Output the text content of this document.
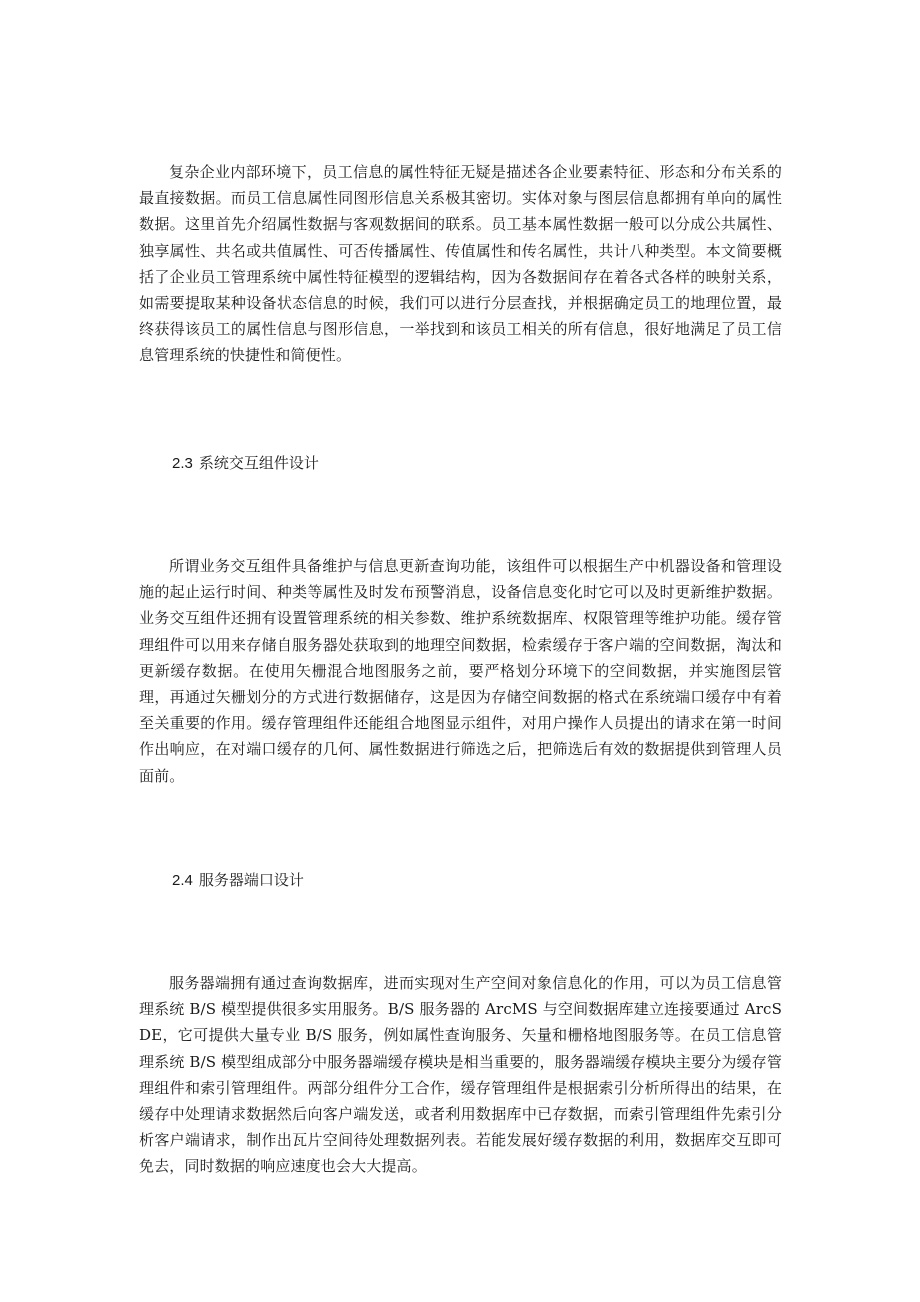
复杂企业内部环境下，员工信息的属性特征无疑是描述各企业要素特征、形态和分布关系的最直接数据。而员工信息属性同图形信息关系极其密切。实体对象与图层信息都拥有单向的属性数据。这里首先介绍属性数据与客观数据间的联系。员工基本属性数据一般可以分成公共属性、独享属性、共名或共值属性、可否传播属性、传值属性和传名属性，共计八种类型。本文简要概括了企业员工管理系统中属性特征模型的逻辑结构，因为各数据间存在着各式各样的映射关系，如需要提取某种设备状态信息的时候，我们可以进行分层查找，并根据确定员工的地理位置，最终获得该员工的属性信息与图形信息，一举找到和该员工相关的所有信息，很好地满足了员工信息管理系统的快捷性和简便性。

2.3 系统交互组件设计

所谓业务交互组件具备维护与信息更新查询功能，该组件可以根据生产中机器设备和管理设施的起止运行时间、种类等属性及时发布预警消息，设备信息变化时它可以及时更新维护数据。业务交互组件还拥有设置管理系统的相关参数、维护系统数据库、权限管理等维护功能。缓存管理组件可以用来存储自服务器处获取到的地理空间数据，检索缓存于客户端的空间数据，淘汰和更新缓存数据。在使用矢栅混合地图服务之前，要严格划分环境下的空间数据，并实施图层管理，再通过矢栅划分的方式进行数据储存，这是因为存储空间数据的格式在系统端口缓存中有着至关重要的作用。缓存管理组件还能组合地图显示组件，对用户操作人员提出的请求在第一时间作出响应，在对端口缓存的几何、属性数据进行筛选之后，把筛选后有效的数据提供到管理人员面前。

2.4 服务器端口设计

服务器端拥有通过查询数据库，进而实现对生产空间对象信息化的作用，可以为员工信息管理系统 B/S 模型提供很多实用服务。B/S 服务器的 ArcMS 与空间数据库建立连接要通过 ArcSDE，它可提供大量专业 B/S 服务，例如属性查询服务、矢量和栅格地图服务等。在员工信息管理系统 B/S 模型组成部分中服务器端缓存模块是相当重要的，服务器端缓存模块主要分为缓存管理组件和索引管理组件。两部分组件分工合作，缓存管理组件是根据索引分析所得出的结果，在缓存中处理请求数据然后向客户端发送，或者利用数据库中已存数据，而索引管理组件先索引分析客户端请求，制作出瓦片空间待处理数据列表。若能发展好缓存数据的利用，数据库交互即可免去，同时数据的响应速度也会大大提高。
